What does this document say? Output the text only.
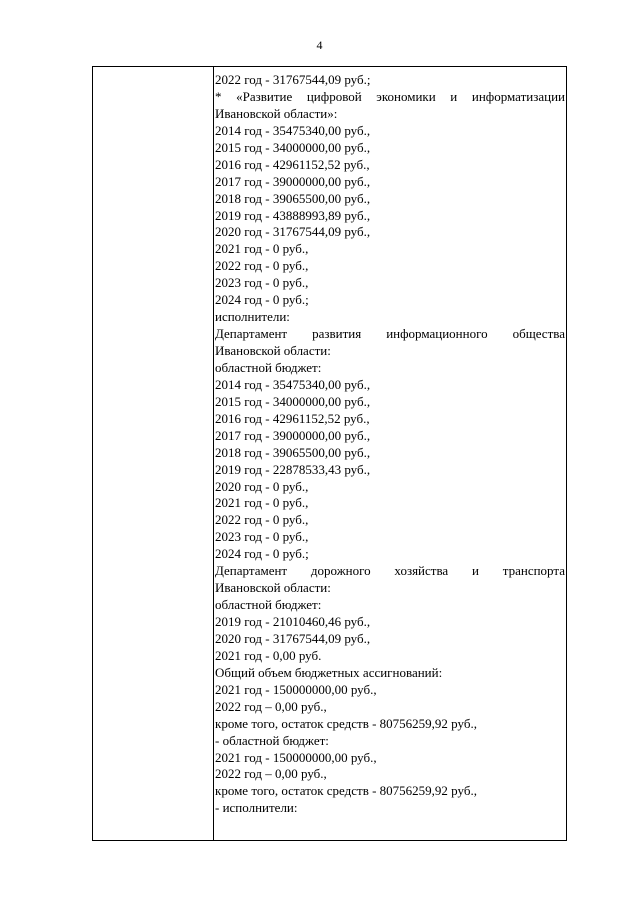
4
2022 год - 31767544,09 руб.;
* «Развитие цифровой экономики и информатизации
Ивановской области»:
2014 год - 35475340,00 руб.,
2015 год - 34000000,00 руб.,
2016 год - 42961152,52 руб.,
2017 год - 39000000,00 руб.,
2018 год - 39065500,00 руб.,
2019 год - 43888993,89 руб.,
2020 год - 31767544,09 руб.,
2021 год - 0 руб.,
2022 год - 0 руб.,
2023 год - 0 руб.,
2024 год - 0 руб.;
исполнители:
Департамент развития информационного общества
Ивановской области:
областной бюджет:
2014 год - 35475340,00 руб.,
2015 год - 34000000,00 руб.,
2016 год - 42961152,52 руб.,
2017 год - 39000000,00 руб.,
2018 год - 39065500,00 руб.,
2019 год - 22878533,43 руб.,
2020 год - 0 руб.,
2021 год - 0 руб.,
2022 год - 0 руб.,
2023 год - 0 руб.,
2024 год - 0 руб.;
Департамент дорожного хозяйства и транспорта
Ивановской области:
областной бюджет:
2019 год - 21010460,46 руб.,
2020 год - 31767544,09 руб.,
2021 год - 0,00 руб.
Общий объем бюджетных ассигнований:
2021 год - 150000000,00 руб.,
2022 год – 0,00 руб.,
кроме того, остаток средств - 80756259,92 руб.,
- областной бюджет:
2021 год - 150000000,00 руб.,
2022 год – 0,00 руб.,
кроме того, остаток средств - 80756259,92 руб.,
- исполнители:
